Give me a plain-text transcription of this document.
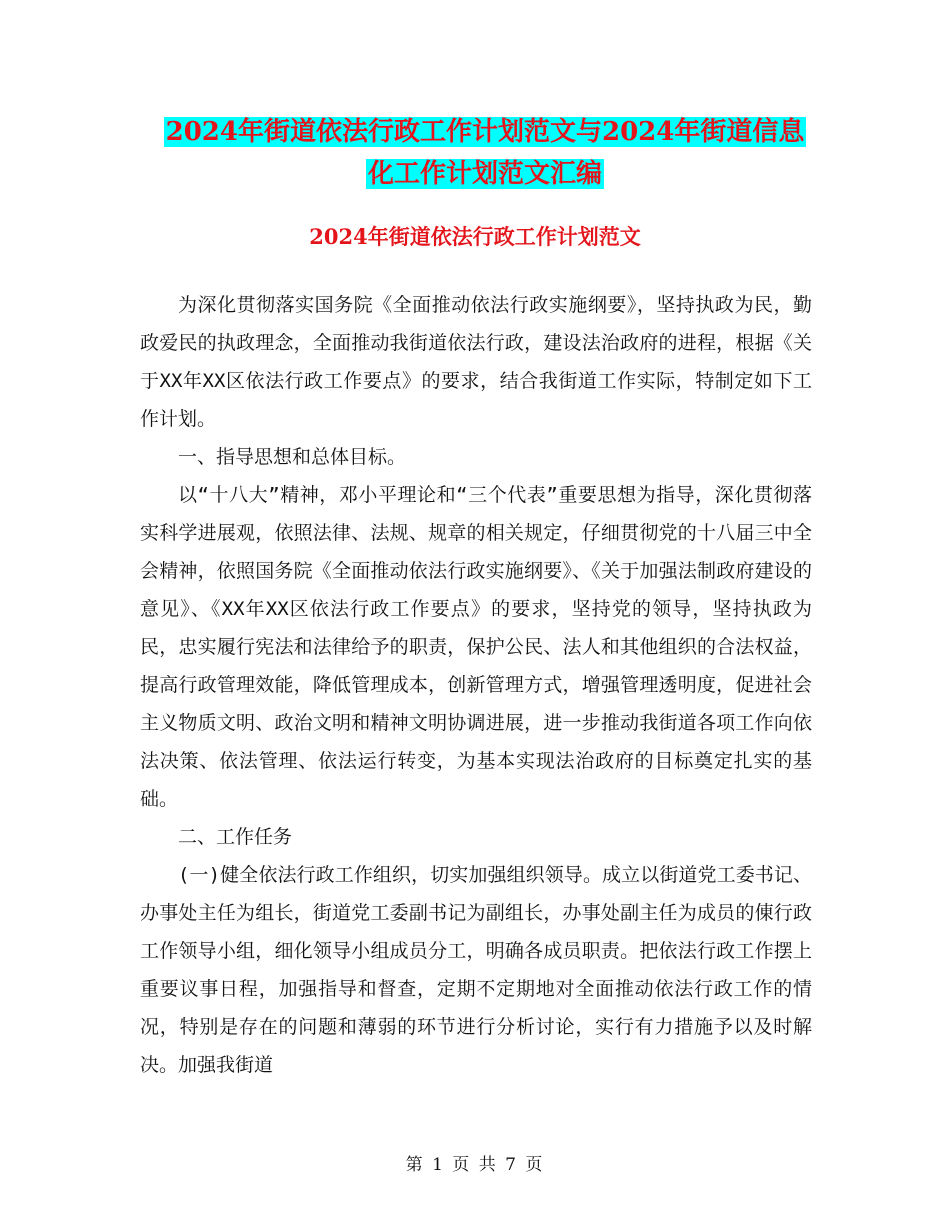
2024年街道依法行政工作计划范文与2024年街道信息
化工作计划范文汇编
2024年街道依法行政工作计划范文

为深化贯彻落实国务院《全面推动依法行政实施纲要》，坚持执政为民，勤政爱民的执政理念，全面推动我街道依法行政，建设法治政府的进程，根据《关于XX年XX区依法行政工作要点》的要求，结合我街道工作实际，特制定如下工作计划。

一、指导思想和总体目标。

以“十八大”精神，邓小平理论和“三个代表”重要思想为指导，深化贯彻落实科学进展观，依照法律、法规、规章的相关规定，仔细贯彻党的十八届三中全会精神，依照国务院《全面推动依法行政实施纲要》、《关于加强法制政府建设的意见》、《XX年XX区依法行政工作要点》的要求，坚持党的领导，坚持执政为民，忠实履行宪法和法律给予的职责，保护公民、法人和其他组织的合法权益，提高行政管理效能，降低管理成本，创新管理方式，增强管理透明度，促进社会主义物质文明、政治文明和精神文明协调进展，进一步推动我街道各项工作向依法决策、依法管理、依法运行转变，为基本实现法治政府的目标奠定扎实的基础。

二、工作任务

(一)健全依法行政工作组织，切实加强组织领导。成立以街道党工委书记、办事处主任为组长，街道党工委副书记为副组长，办事处副主任为成员的倲行政工作领导小组，细化领导小组成员分工，明确各成员职责。把依法行政工作摆上重要议事日程，加强指导和督查，定期不定期地对全面推动依法行政工作的情况，特别是存在的问题和薄弱的环节进行分析讨论，实行有力措施予以及时解决。加强我街道

第 1 页 共 7 页
